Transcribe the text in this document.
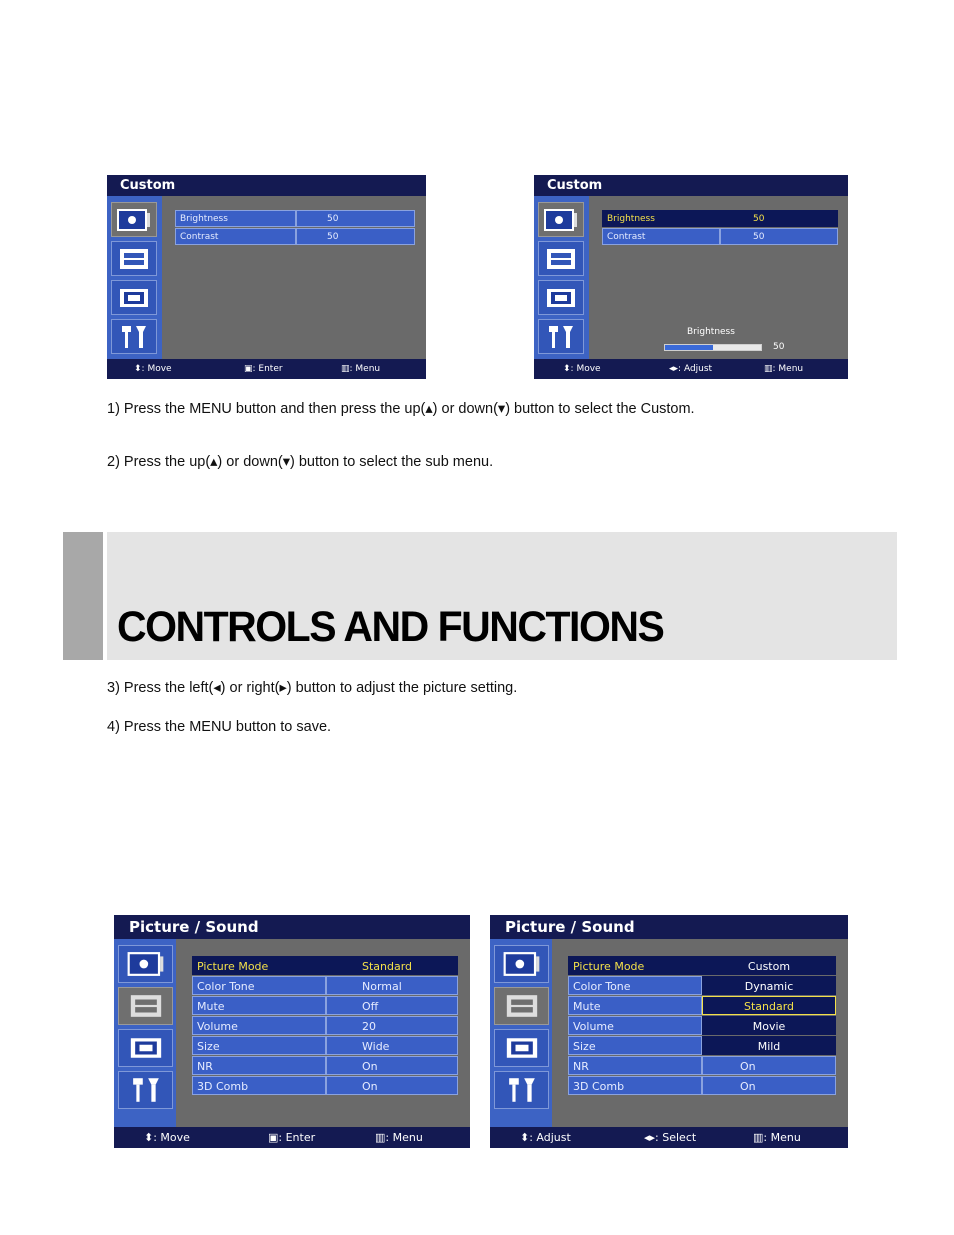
Custom
Brightness	50
Contrast	50
⬍: Move	▣: Enter	▥: Menu
Custom
Brightness	50
Contrast	50
Brightness
50
⬍: Move	◂▸: Adjust	▥: Menu
1) Press the MENU button and then press the up(▴) or down(▾) button to select the Custom.
2) Press the up(▴) or down(▾) button to select the sub menu.
CONTROLS AND FUNCTIONS
3) Press the left(◂) or right(▸) button to adjust the picture setting.
4) Press the MENU button to save.
Picture / Sound
Picture Mode	Standard
Color Tone	Normal
Mute	Off
Volume	20
Size	Wide
NR	On
3D Comb	On
⬍: Move	▣: Enter	▥: Menu
Picture / Sound
Picture Mode	Custom
Color Tone	Dynamic
Mute	Standard
Volume	Movie
Size	Mild
NR	On
3D Comb	On
⬍: Adjust	◂▸: Select	▥: Menu
